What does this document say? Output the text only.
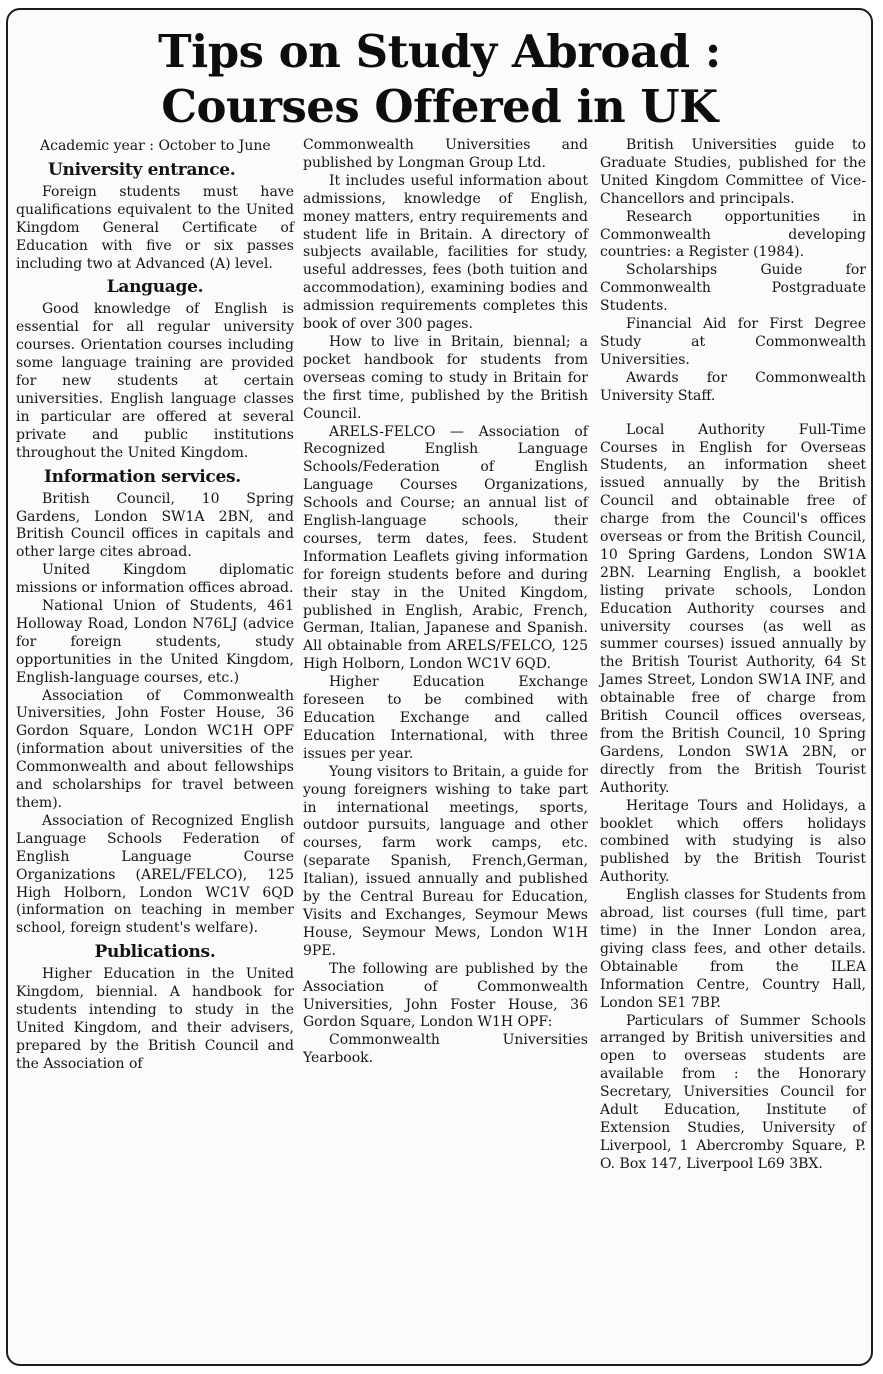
Tips on Study Abroad :
Courses Offered in UK

Academic year : October to June

University entrance.

Foreign students must have qualifications equivalent to the United Kingdom General Certificate of Education with five or six passes including two at Advanced (A) level.

Language.

Good knowledge of English is essential for all regular university courses. Orientation courses including some language training are provided for new students at certain universities. English language classes in particular are offered at several private and public institutions throughout the United Kingdom.

Information services.

British Council, 10 Spring Gardens, London SW1A 2BN, and British Council offices in capitals and other large cites abroad.

United Kingdom diplomatic missions or information offices abroad.

National Union of Students, 461 Holloway Road, London N76LJ (advice for foreign students, study opportunities in the United Kingdom, English-language courses, etc.)

Association of Commonwealth Universities, John Foster House, 36 Gordon Square, London WC1H OPF (information about universities of the Commonwealth and about fellowships and scholarships for travel between them).

Association of Recognized English Language Schools Federation of English Language Course Organizations (AREL/FELCO), 125 High Holborn, London WC1V 6QD (information on teaching in member school, foreign student's welfare).

Publications.

Higher Education in the United Kingdom, biennial. A handbook for students intending to study in the United Kingdom, and their advisers, prepared by the British Council and the Association of

Commonwealth Universities and published by Longman Group Ltd.

It includes useful information about admissions, knowledge of English, money matters, entry requirements and student life in Britain. A directory of subjects available, facilities for study, useful addresses, fees (both tuition and accommodation), examining bodies and admission requirements completes this book of over 300 pages.

How to live in Britain, biennal; a pocket handbook for students from overseas coming to study in Britain for the first time, published by the British Council.

ARELS-FELCO — Association of Recognized English Language Schools/Federation of English Language Courses Organizations, Schools and Course; an annual list of English-language schools, their courses, term dates, fees. Student Information Leaflets giving information for foreign students before and during their stay in the United Kingdom, published in English, Arabic, French, German, Italian, Japanese and Spanish. All obtainable from ARELS/FELCO, 125 High Holborn, London WC1V 6QD.

Higher Education Exchange foreseen to be combined with Education Exchange and called Education International, with three issues per year.

Young visitors to Britain, a guide for young foreigners wishing to take part in international meetings, sports, outdoor pursuits, language and other courses, farm work camps, etc. (separate Spanish, French,German, Italian), issued annually and published by the Central Bureau for Education, Visits and Exchanges, Seymour Mews House, Seymour Mews, London W1H 9PE.

The following are published by the Association of Commonwealth Universities, John Foster House, 36 Gordon Square, London W1H OPF:

Commonwealth Universities Yearbook.

British Universities guide to Graduate Studies, published for the United Kingdom Committee of Vice-Chancellors and principals.

Research opportunities in Commonwealth developing countries: a Register (1984).

Scholarships Guide for Commonwealth Postgraduate Students.

Financial Aid for First Degree Study at Commonwealth Universities.

Awards for Commonwealth University Staff.

Local Authority Full-Time Courses in English for Overseas Students, an information sheet issued annually by the British Council and obtainable free of charge from the Council's offices overseas or from the British Council, 10 Spring Gardens, London SW1A 2BN. Learning English, a booklet listing private schools, London Education Authority courses and university courses (as well as summer courses) issued annually by the British Tourist Authority, 64 St James Street, London SW1A INF, and obtainable free of charge from British Council offices overseas, from the British Council, 10 Spring Gardens, London SW1A 2BN, or directly from the British Tourist Authority.

Heritage Tours and Holidays, a booklet which offers holidays combined with studying is also published by the British Tourist Authority.

English classes for Students from abroad, list courses (full time, part time) in the Inner London area, giving class fees, and other details. Obtainable from the ILEA Information Centre, Country Hall, London SE1 7BP.

Particulars of Summer Schools arranged by British universities and open to overseas students are available from : the Honorary Secretary, Universities Council for Adult Education, Institute of Extension Studies, University of Liverpool, 1 Abercromby Square, P. O. Box 147, Liverpool L69 3BX.
